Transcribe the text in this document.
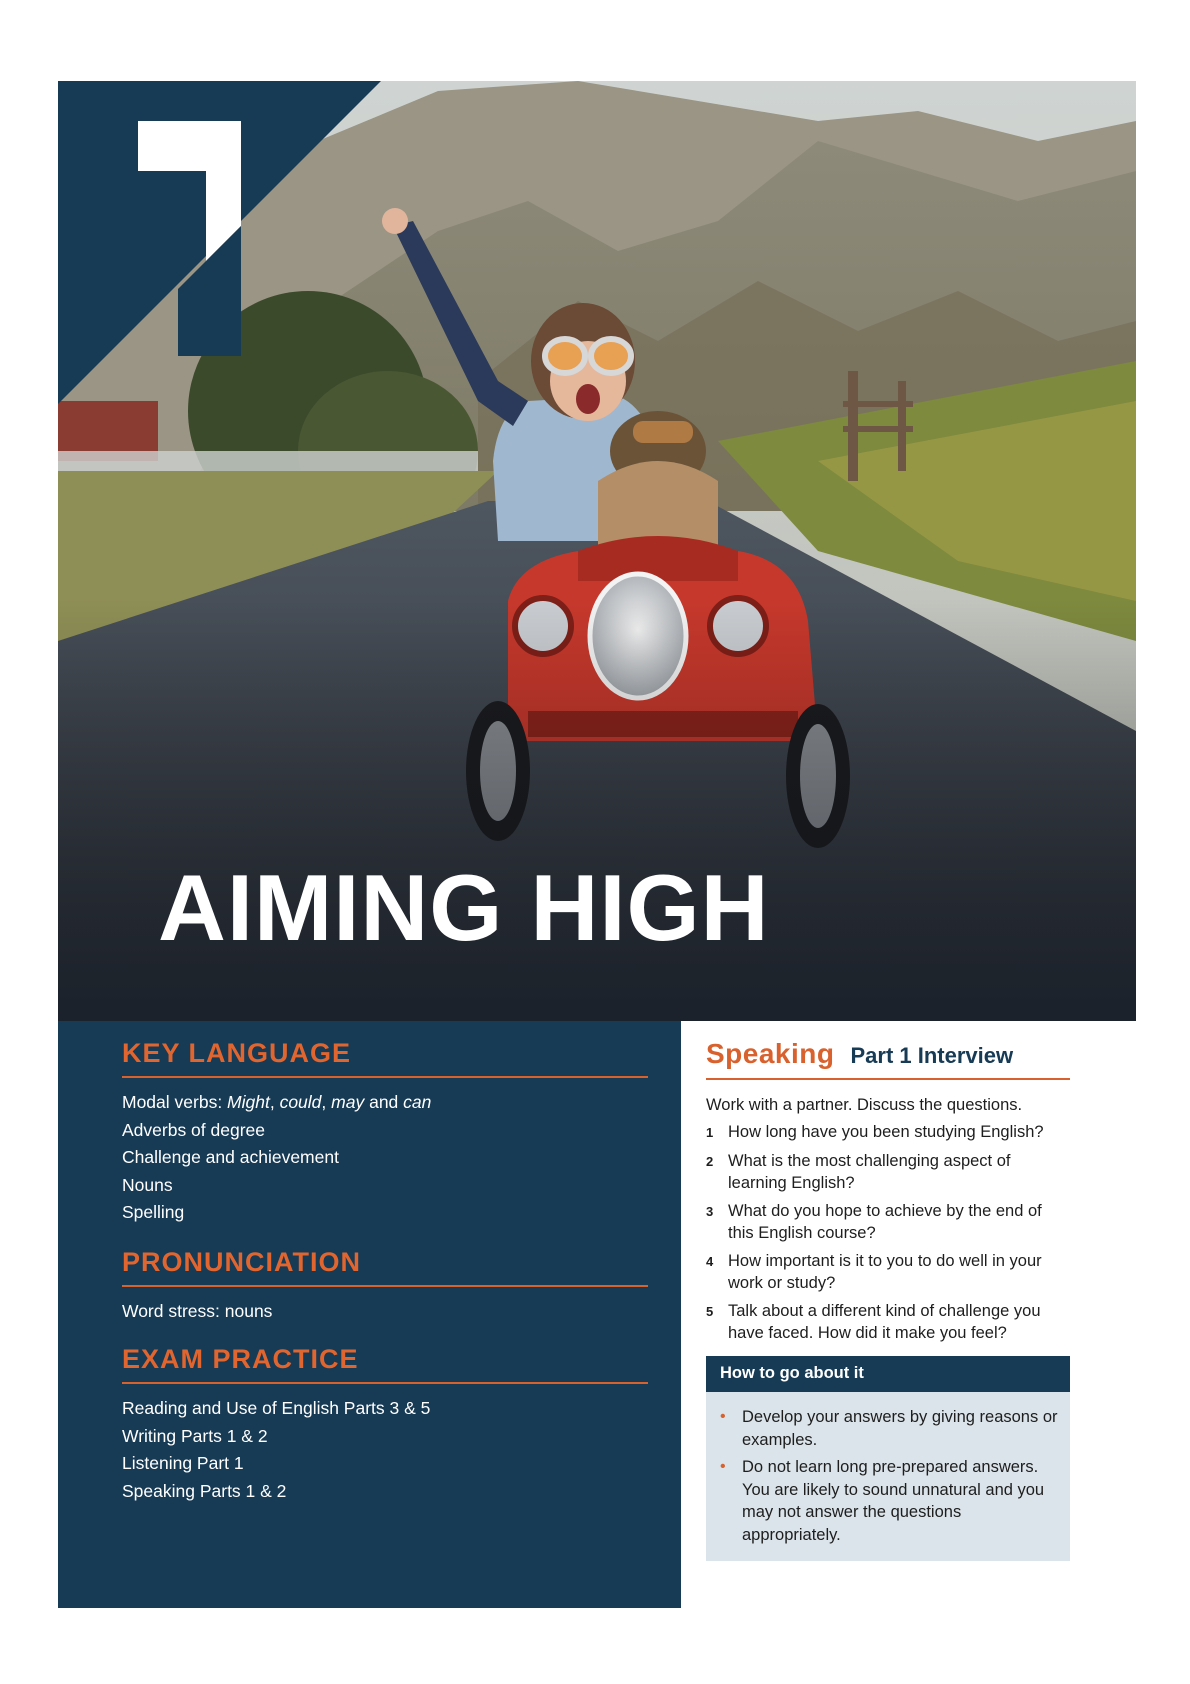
AIMING HIGH
KEY LANGUAGE
Modal verbs: Might, could, may and can
Adverbs of degree
Challenge and achievement
Nouns
Spelling
PRONUNCIATION
Word stress: nouns
EXAM PRACTICE
Reading and Use of English Parts 3 & 5
Writing Parts 1 & 2
Listening Part 1
Speaking Parts 1 & 2
Speaking Part 1 Interview

Work with a partner. Discuss the questions.

1 How long have you been studying English?
2 What is the most challenging aspect of learning English?
3 What do you hope to achieve by the end of this English course?
4 How important is it to you to do well in your work or study?
5 Talk about a different kind of challenge you have faced. How did it make you feel?
How to go about it
• Develop your answers by giving reasons or examples.
• Do not learn long pre-prepared answers. You are likely to sound unnatural and you may not answer the questions appropriately.
